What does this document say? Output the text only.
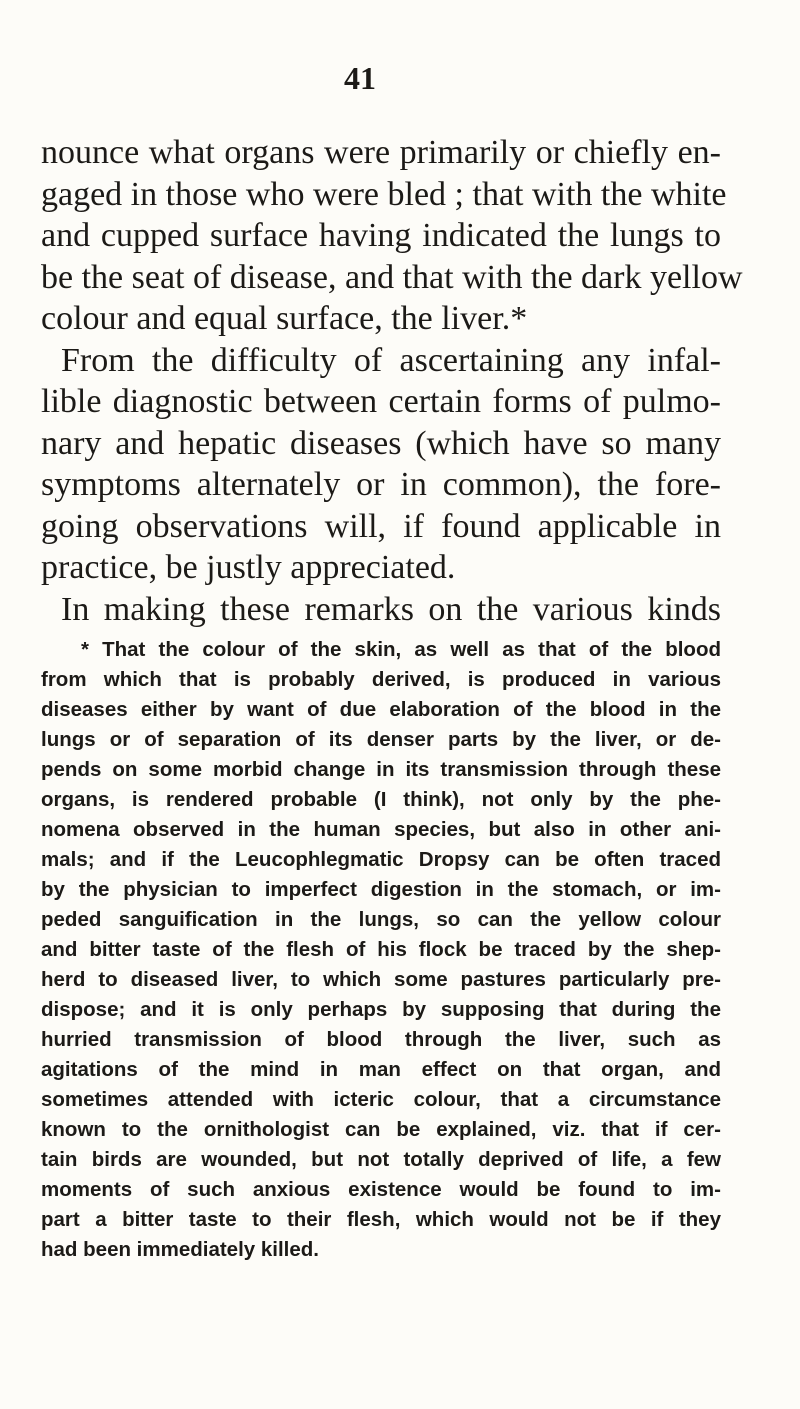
41
nounce what organs were primarily or chiefly en-
gaged in those who were bled ; that with the white
and cupped surface having indicated the lungs to
be the seat of disease, and that with the dark yellow
colour and equal surface, the liver.*
From the difficulty of ascertaining any infal-
lible diagnostic between certain forms of pulmo-
nary and hepatic diseases (which have so many
symptoms alternately or in common), the fore-
going observations will, if found applicable in
practice, be justly appreciated.
In making these remarks on the various kinds
* That the colour of the skin, as well as that of the blood
from which that is probably derived, is produced in various
diseases either by want of due elaboration of the blood in the
lungs or of separation of its denser parts by the liver, or de-
pends on some morbid change in its transmission through these
organs, is rendered probable (I think), not only by the phe-
nomena observed in the human species, but also in other ani-
mals; and if the Leucophlegmatic Dropsy can be often traced
by the physician to imperfect digestion in the stomach, or im-
peded sanguification in the lungs, so can the yellow colour
and bitter taste of the flesh of his flock be traced by the shep-
herd to diseased liver, to which some pastures particularly pre-
dispose; and it is only perhaps by supposing that during the
hurried transmission of blood through the liver, such as
agitations of the mind in man effect on that organ, and
sometimes attended with icteric colour, that a circumstance
known to the ornithologist can be explained, viz. that if cer-
tain birds are wounded, but not totally deprived of life, a few
moments of such anxious existence would be found to im-
part a bitter taste to their flesh, which would not be if they
had been immediately killed.
